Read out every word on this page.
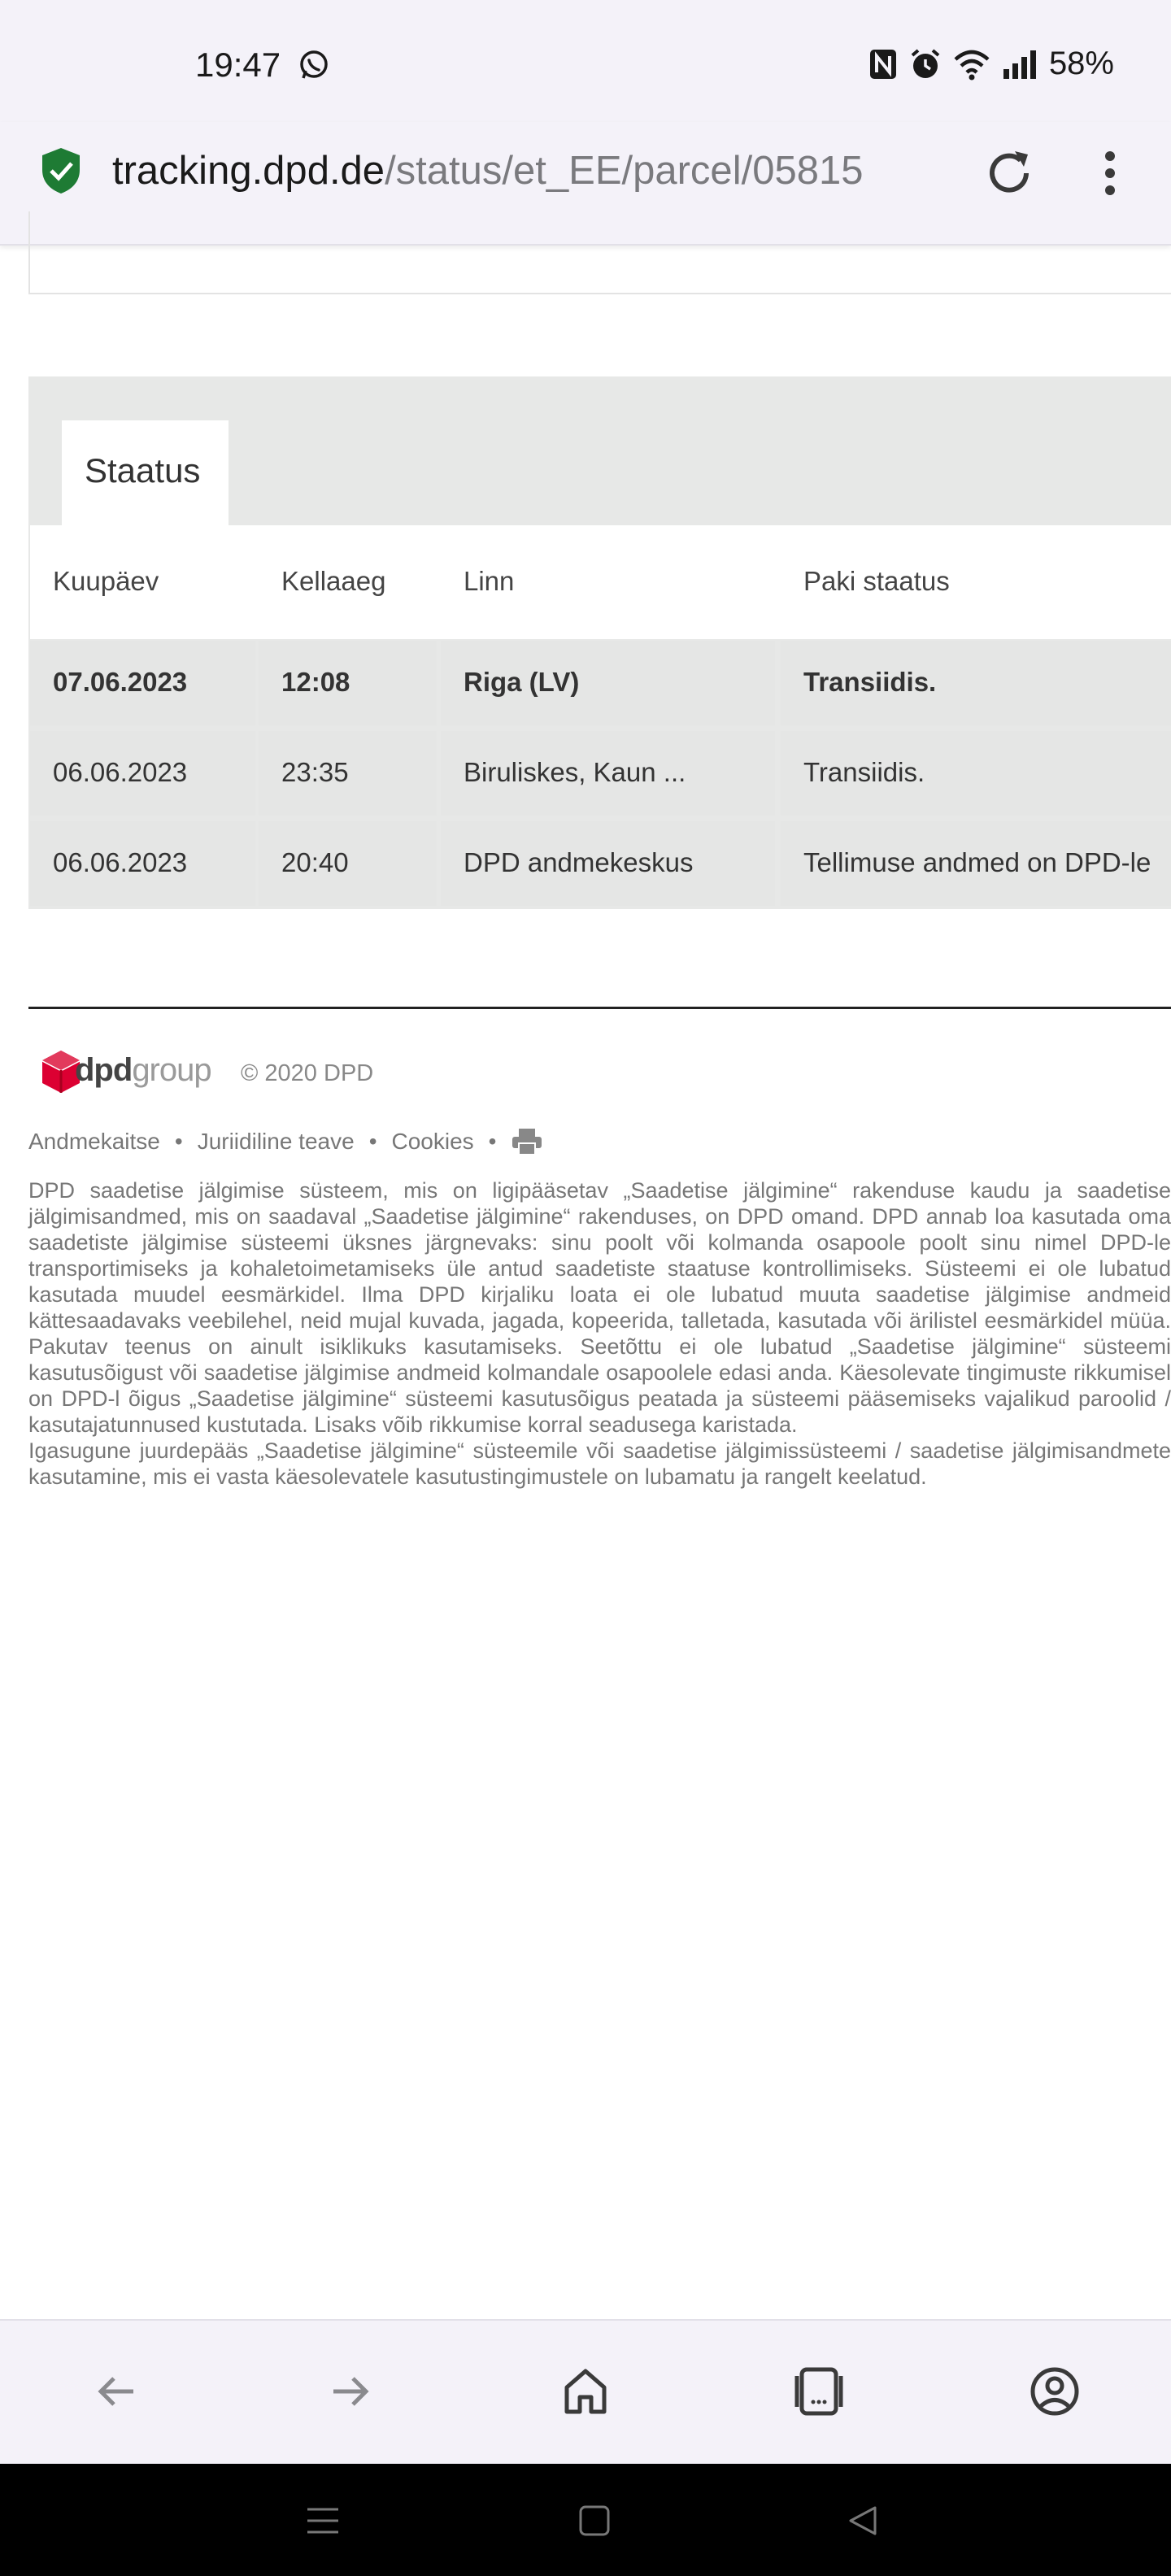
19:47	58%
tracking.dpd.de/status/et_EE/parcel/05815
Staatus
Kuupäev	Kellaaeg	Linn	Paki staatus
07.06.2023	12:08	Riga (LV)	Transiidis.
06.06.2023	23:35	Biruliskes, Kaun ...	Transiidis.
06.06.2023	20:40	DPD andmekeskus	Tellimuse andmed on DPD-le
dpdgroup © 2020 DPD
Andmekaitse • Juriidiline teave • Cookies •

DPD saadetise jälgimise süsteem, mis on ligipääsetav „Saadetise jälgimine“ rakenduse kaudu ja saadetise jälgimisandmed, mis on saadaval „Saadetise jälgimine“ rakenduses, on DPD omand. DPD annab loa kasutada oma saadetiste jälgimise süsteemi üksnes järgnevaks: sinu poolt või kolmanda osapoole poolt sinu nimel DPD-le transportimiseks ja kohaletoimetamiseks üle antud saadetiste staatuse kontrollimiseks. Süsteemi ei ole lubatud kasutada muudel eesmärkidel. Ilma DPD kirjaliku loata ei ole lubatud muuta saadetise jälgimise andmeid kättesaadavaks veebilehel, neid mujal kuvada, jagada, kopeerida, talletada, kasutada või ärilistel eesmärkidel müüa. Pakutav teenus on ainult isiklikuks kasutamiseks. Seetõttu ei ole lubatud „Saadetise jälgimine“ süsteemi kasutusõigust või saadetise jälgimise andmeid kolmandale osapoolele edasi anda. Käesolevate tingimuste rikkumisel on DPD-l õigus „Saadetise jälgimine“ süsteemi kasutusõigus peatada ja süsteemi pääsemiseks vajalikud paroolid / kasutajatunnused kustutada. Lisaks võib rikkumise korral seadusega karistada.

Igasugune juurdepääs „Saadetise jälgimine“ süsteemile või saadetise jälgimissüsteemi / saadetise jälgimisandmete kasutamine, mis ei vasta käesolevatele kasutustingimustele on lubamatu ja rangelt keelatud.
